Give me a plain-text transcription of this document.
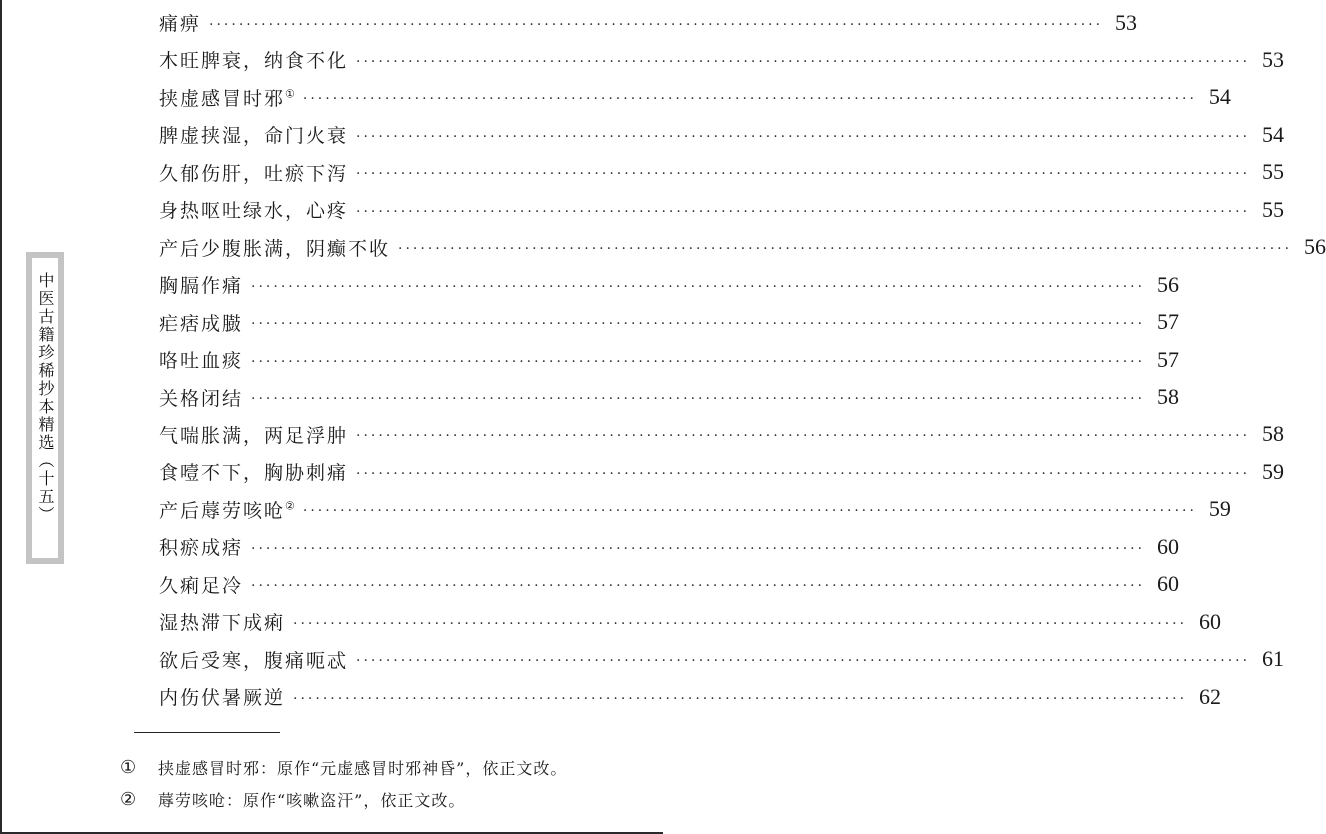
中医古籍珍稀抄本精选（十五）
痛痹 ························································································································ 53
木旺脾衰，纳食不化 ························································································································ 53
挟虚感冒时邪① ························································································································ 54
脾虚挟湿，命门火衰 ························································································································ 54
久郁伤肝，吐瘀下泻 ························································································································ 55
身热呕吐绿水，心疼 ························································································································ 55
产后少腹胀满，阴癫不收 ························································································································ 56
胸膈作痛 ························································································································ 56
疟痞成臌 ························································································································ 57
咯吐血痰 ························································································································ 57
关格闭结 ························································································································ 58
气喘胀满，两足浮肿 ························································································································ 58
食噎不下，胸胁刺痛 ························································································································ 59
产后蓐劳咳呛② ························································································································ 59
积瘀成痞 ························································································································ 60
久痢足冷 ························································································································ 60
湿热滞下成痢 ························································································································ 60
欲后受寒，腹痛呃忒 ························································································································ 61
内伤伏暑厥逆 ························································································································ 62
①	挟虚感冒时邪：原作“元虚感冒时邪神昏”，依正文改。
②	蓐劳咳呛：原作“咳嗽盗汗”，依正文改。
